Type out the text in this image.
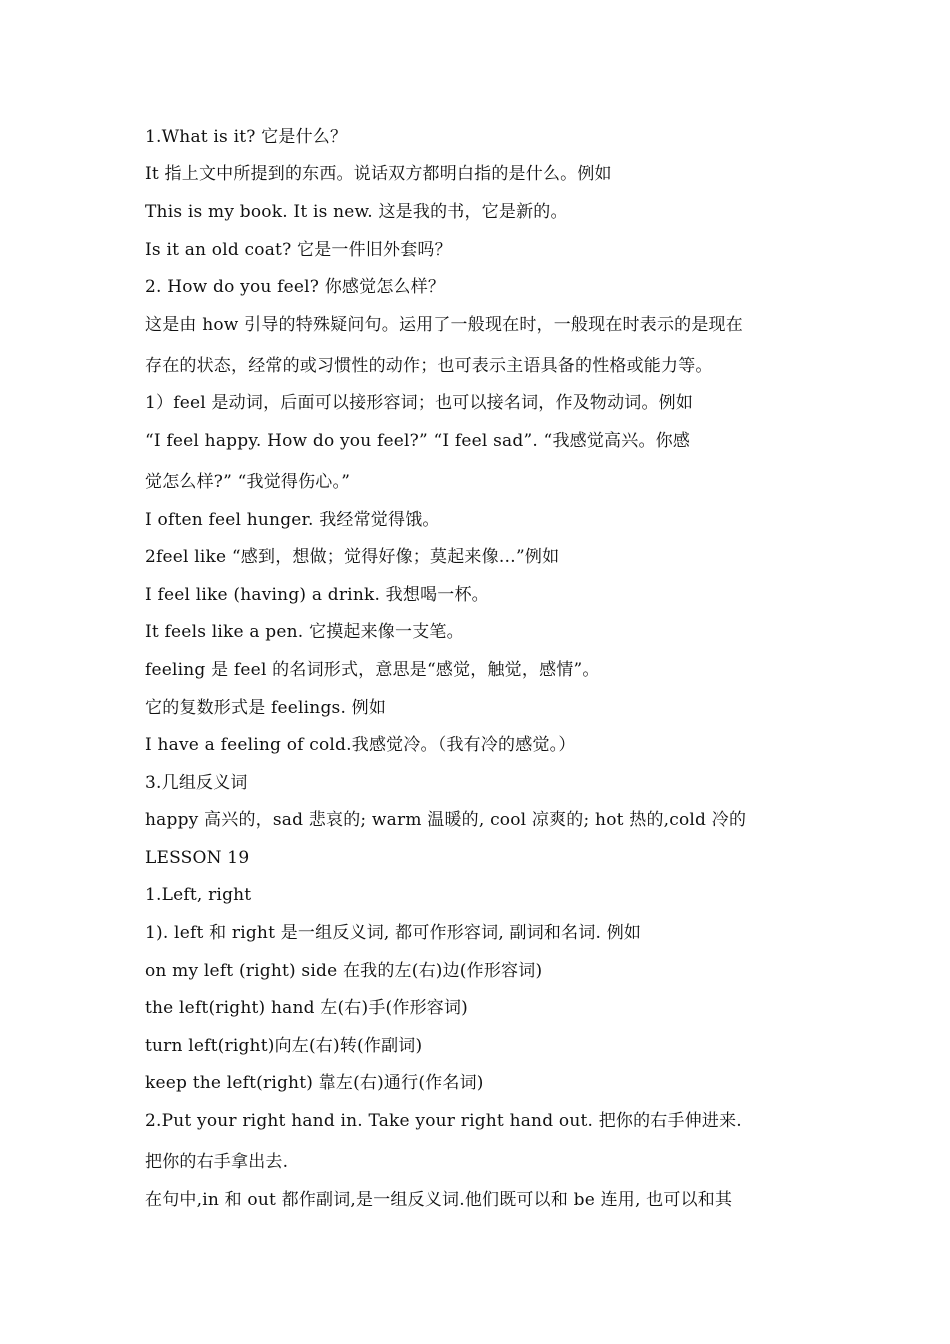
1.What is it? 它是什么？

It 指上文中所提到的东西。说话双方都明白指的是什么。例如

This is my book. It is new. 这是我的书，它是新的。

Is it an old coat? 它是一件旧外套吗？

2. How do you feel? 你感觉怎么样？

这是由 how 引导的特殊疑问句。运用了一般现在时，一般现在时表示的是现在

存在的状态，经常的或习惯性的动作；也可表示主语具备的性格或能力等。

1）feel 是动词，后面可以接形容词；也可以接名词，作及物动词。例如

“I feel happy. How do you feel?” “I feel sad”. “我感觉高兴。你感

觉怎么样?” “我觉得伤心。”

I often feel hunger. 我经常觉得饿。

2feel like “感到，想做；觉得好像；莫起来像…”例如

I feel like (having) a drink. 我想喝一杯。

It feels like a pen. 它摸起来像一支笔。

feeling 是 feel 的名词形式，意思是“感觉，触觉，感情”。

它的复数形式是 feelings. 例如

I have a feeling of cold.我感觉冷。（我有冷的感觉。）

3.几组反义词

happy 高兴的，sad 悲哀的; warm 温暖的, cool 凉爽的; hot 热的,cold 冷的

LESSON 19

1.Left, right

1). left 和 right 是一组反义词, 都可作形容词, 副词和名词. 例如

on my left (right) side 在我的左(右)边(作形容词)

the left(right) hand 左(右)手(作形容词)

turn left(right)向左(右)转(作副词)

keep the left(right) 靠左(右)通行(作名词)

2.Put your right hand in. Take your right hand out. 把你的右手伸进来.

把你的右手拿出去.

在句中,in 和 out 都作副词,是一组反义词.他们既可以和 be 连用, 也可以和其
